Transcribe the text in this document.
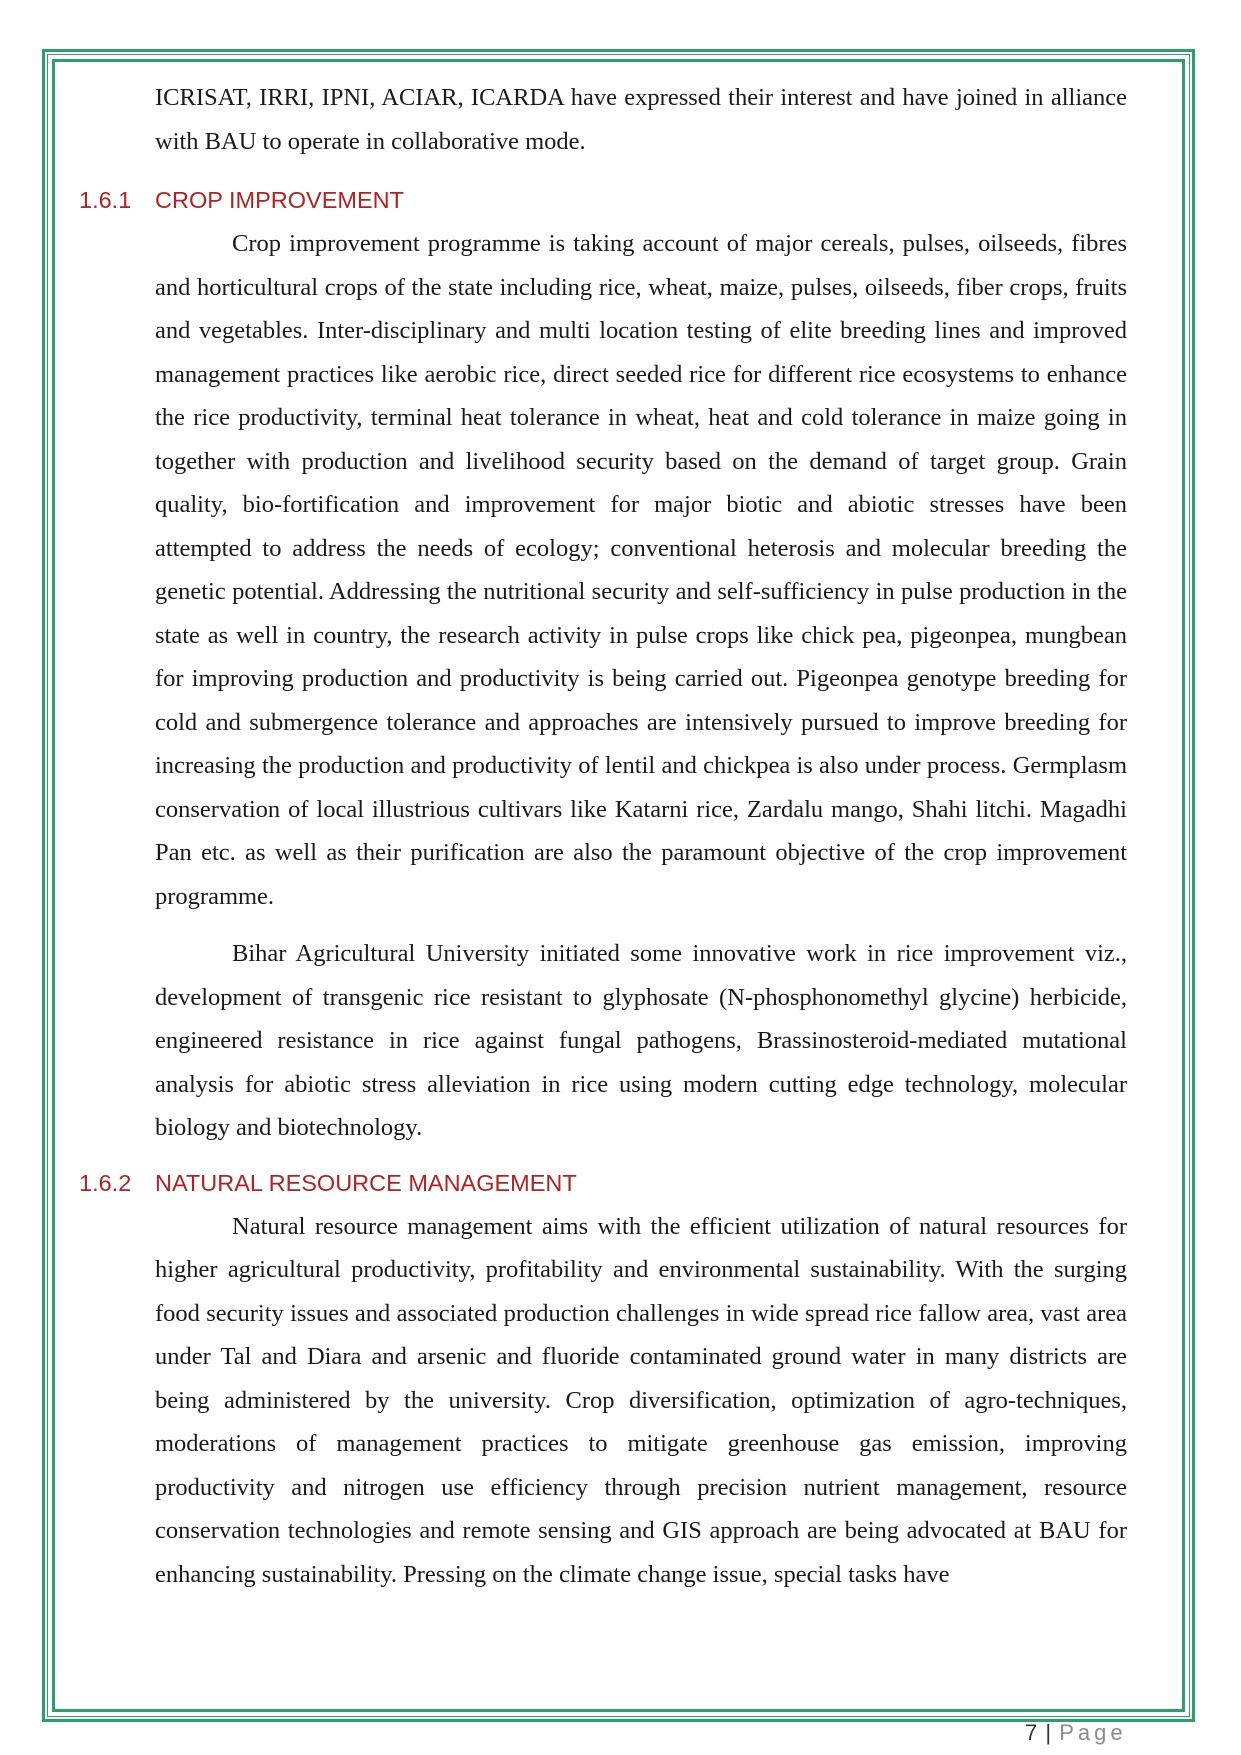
ICRISAT, IRRI, IPNI, ACIAR, ICARDA have expressed their interest and have joined in alliance with BAU to operate in collaborative mode.

1.6.1	CROP IMPROVEMENT

Crop improvement programme is taking account of major cereals, pulses, oilseeds, fibres and horticultural crops of the state including rice, wheat, maize, pulses, oilseeds, fiber crops, fruits and vegetables. Inter-disciplinary and multi location testing of elite breeding lines and improved management practices like aerobic rice, direct seeded rice for different rice ecosystems to enhance the rice productivity, terminal heat tolerance in wheat, heat and cold tolerance in maize going in together with production and livelihood security based on the demand of target group. Grain quality, bio-fortification and improvement for major biotic and abiotic stresses have been attempted to address the needs of ecology; conventional heterosis and molecular breeding the genetic potential. Addressing the nutritional security and self-sufficiency in pulse production in the state as well in country, the research activity in pulse crops like chick pea, pigeonpea, mungbean for improving production and productivity is being carried out. Pigeonpea genotype breeding for cold and submergence tolerance and approaches are intensively pursued to improve breeding for increasing the production and productivity of lentil and chickpea is also under process. Germplasm conservation of local illustrious cultivars like Katarni rice, Zardalu mango, Shahi litchi. Magadhi Pan etc. as well as their purification are also the paramount objective of the crop improvement programme.

Bihar Agricultural University initiated some innovative work in rice improvement viz., development of transgenic rice resistant to glyphosate (N-phosphonomethyl glycine) herbicide, engineered resistance in rice against fungal pathogens, Brassinosteroid-mediated mutational analysis for abiotic stress alleviation in rice using modern cutting edge technology, molecular biology and biotechnology.

1.6.2	NATURAL RESOURCE MANAGEMENT

Natural resource management aims with the efficient utilization of natural resources for higher agricultural productivity, profitability and environmental sustainability. With the surging food security issues and associated production challenges in wide spread rice fallow area, vast area under Tal and Diara and arsenic and fluoride contaminated ground water in many districts are being administered by the university. Crop diversification, optimization of agro-techniques, moderations of management practices to mitigate greenhouse gas emission, improving productivity and nitrogen use efficiency through precision nutrient management, resource conservation technologies and remote sensing and GIS approach are being advocated at BAU for enhancing sustainability. Pressing on the climate change issue, special tasks have

7 | Page
